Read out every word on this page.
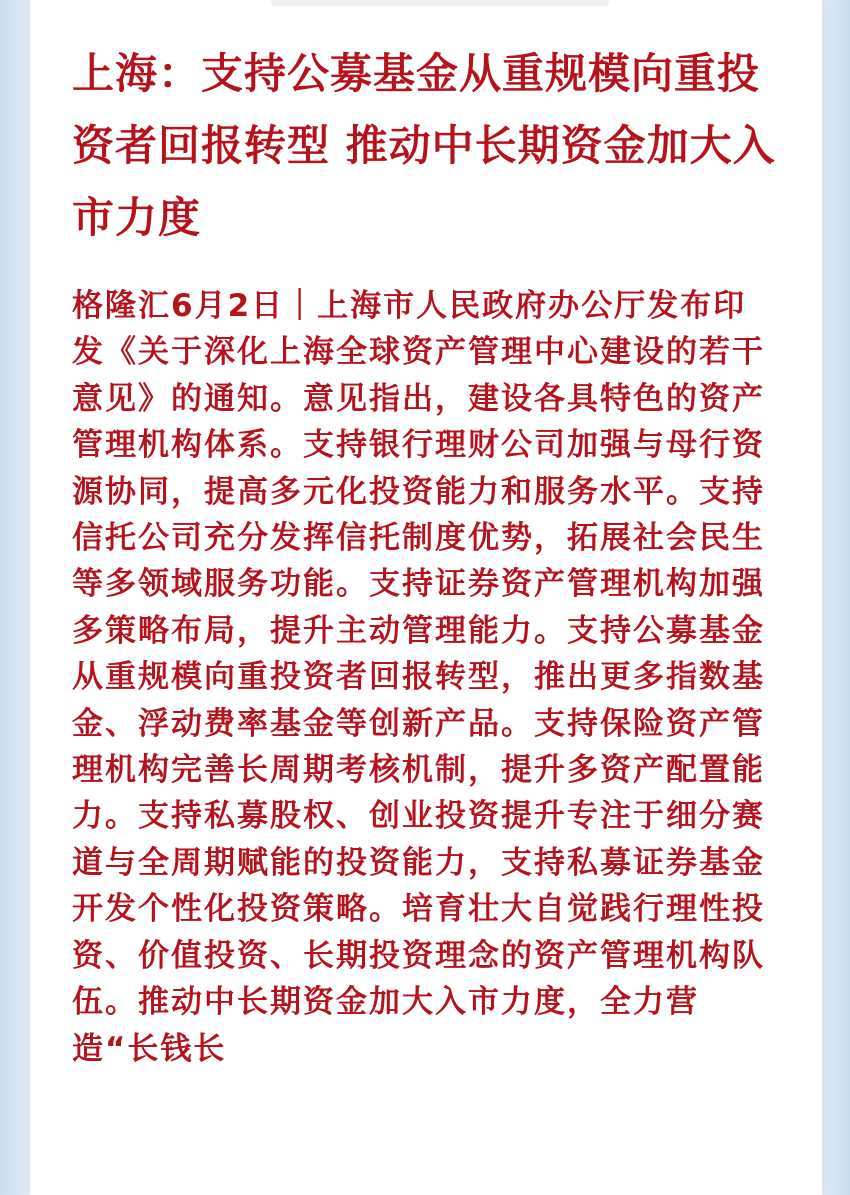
上海：支持公募基金从重规模向重投资者回报转型 推动中长期资金加大入市力度

格隆汇6月2日｜上海市人民政府办公厅发布印发《关于深化上海全球资产管理中心建设的若干意见》的通知。意见指出，建设各具特色的资产管理机构体系。支持银行理财公司加强与母行资源协同，提高多元化投资能力和服务水平。支持信托公司充分发挥信托制度优势，拓展社会民生等多领域服务功能。支持证券资产管理机构加强多策略布局，提升主动管理能力。支持公募基金从重规模向重投资者回报转型，推出更多指数基金、浮动费率基金等创新产品。支持保险资产管理机构完善长周期考核机制，提升多资产配置能力。支持私募股权、创业投资提升专注于细分赛道与全周期赋能的投资能力，支持私募证券基金开发个性化投资策略。培育壮大自觉践行理性投资、价值投资、长期投资理念的资产管理机构队伍。推动中长期资金加大入市力度，全力营造“长钱长
